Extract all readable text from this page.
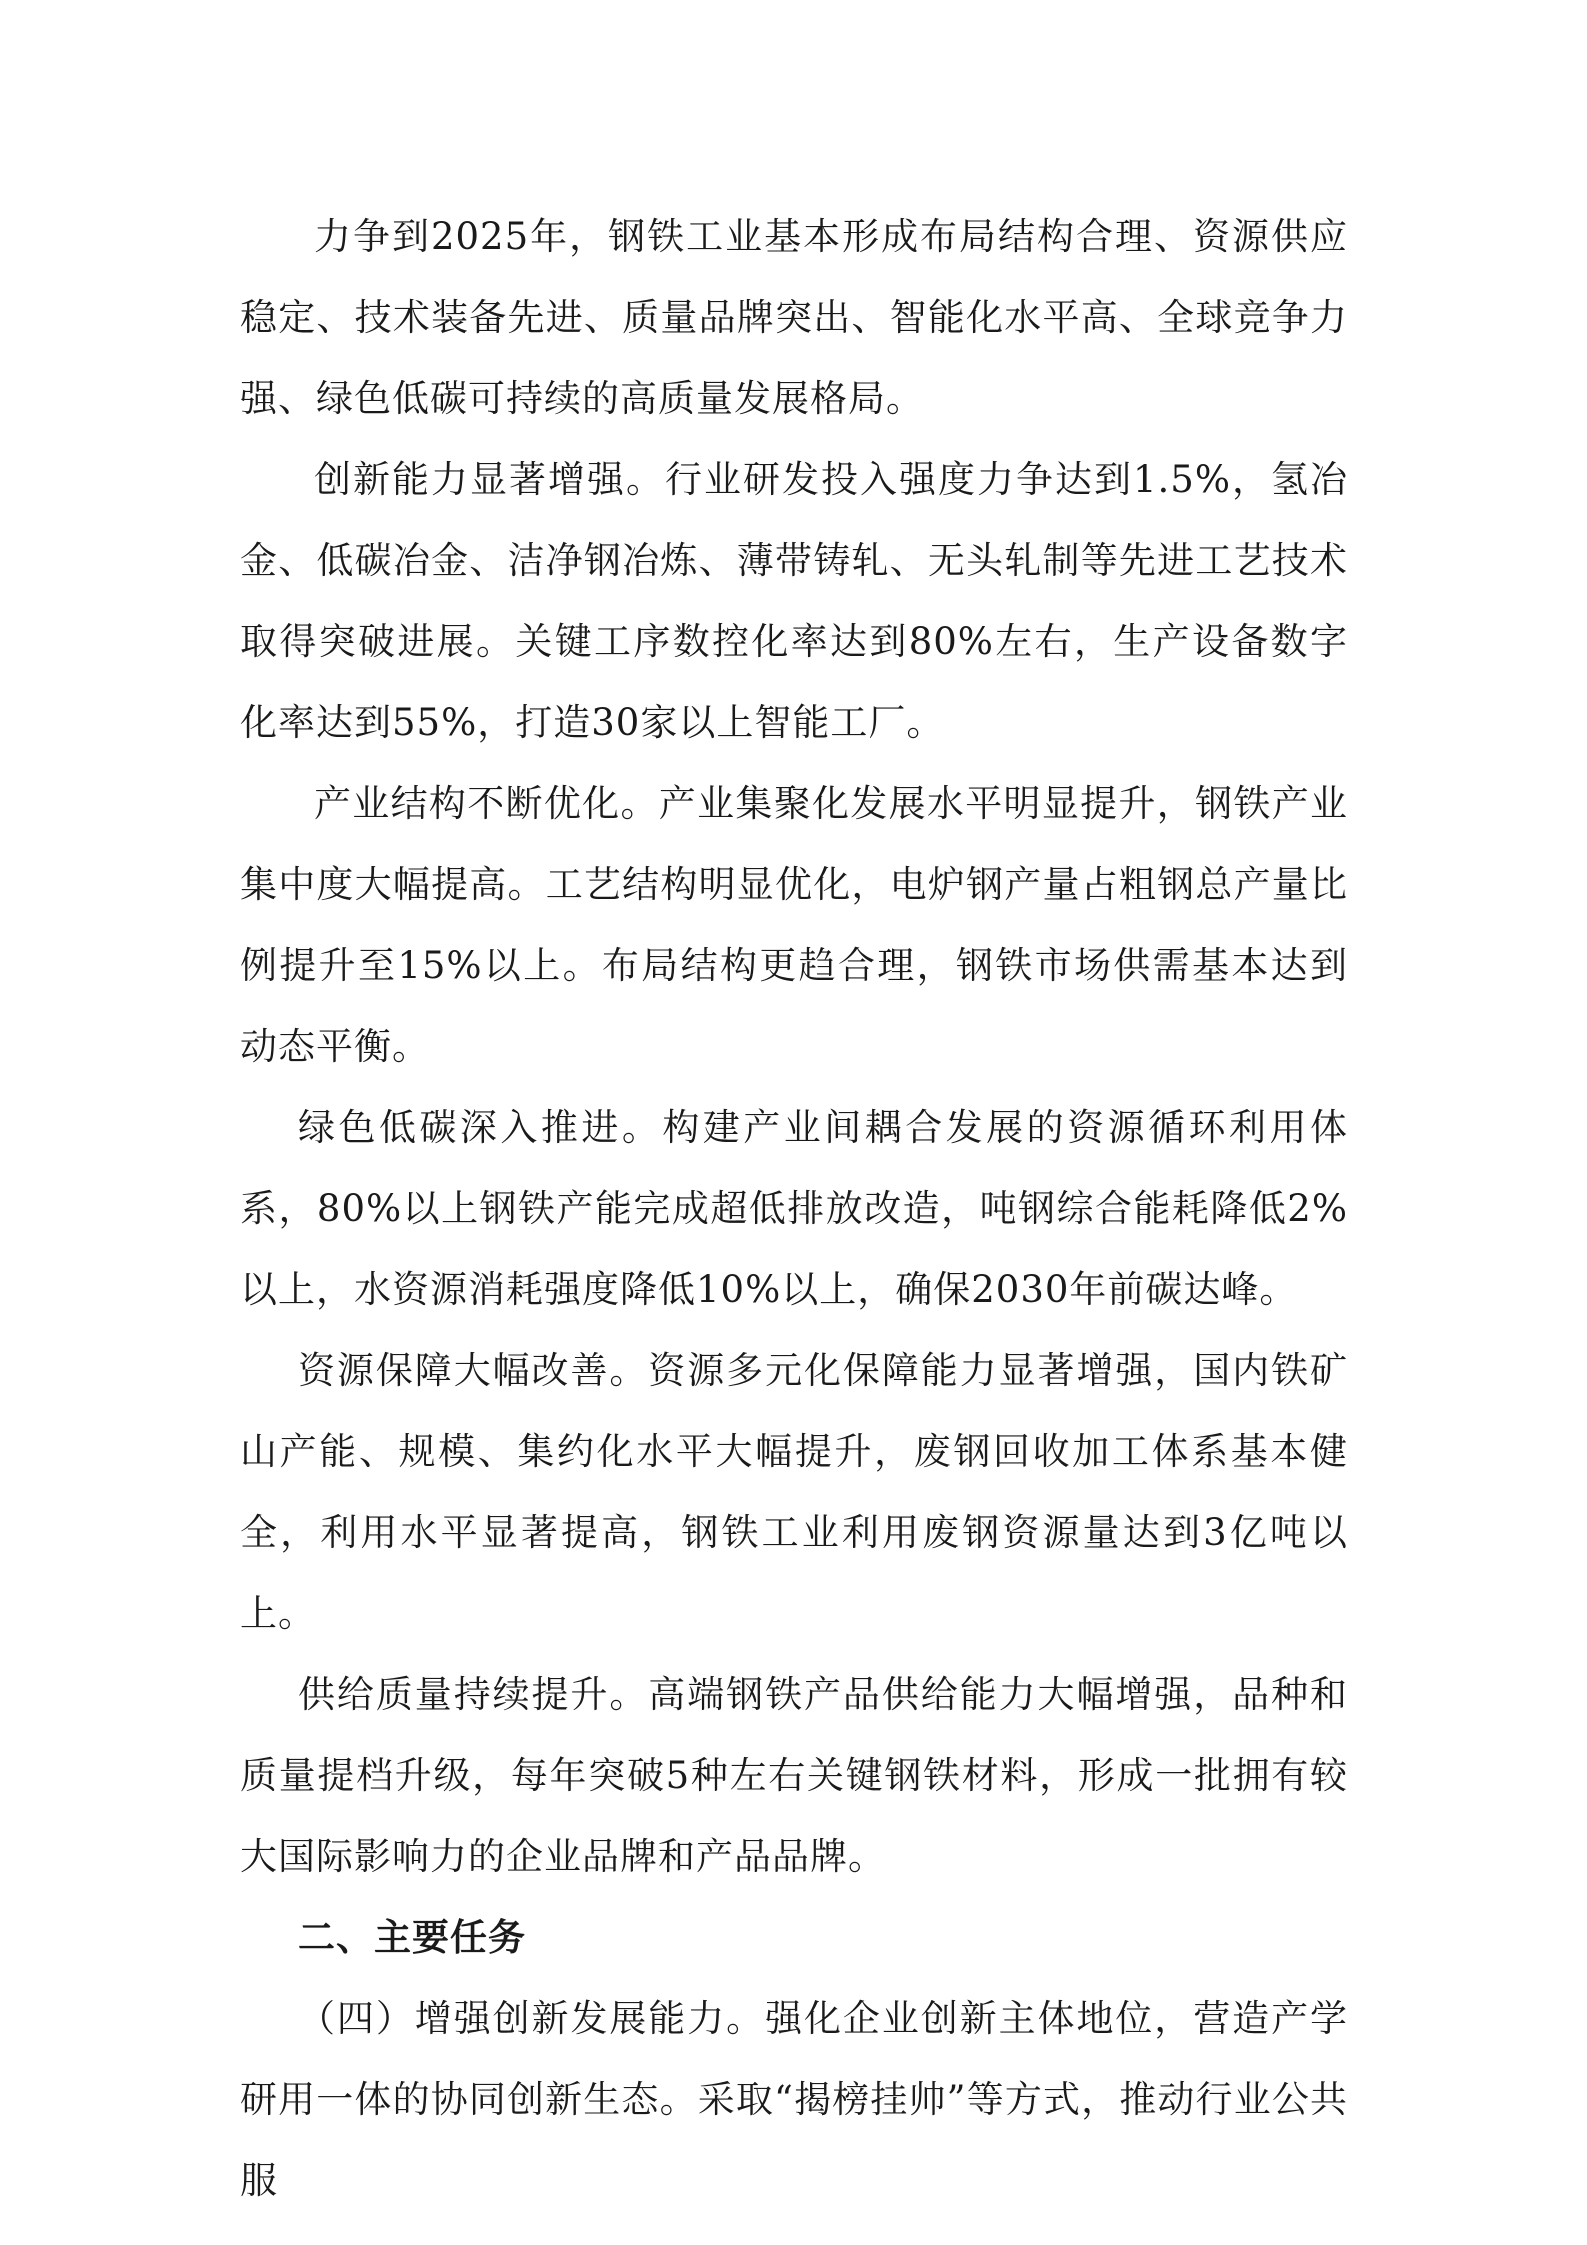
力争到2025年，钢铁工业基本形成布局结构合理、资源供应稳定、技术装备先进、质量品牌突出、智能化水平高、全球竞争力强、绿色低碳可持续的高质量发展格局。

创新能力显著增强。行业研发投入强度力争达到1.5%，氢冶金、低碳冶金、洁净钢冶炼、薄带铸轧、无头轧制等先进工艺技术取得突破进展。关键工序数控化率达到80%左右，生产设备数字化率达到55%，打造30家以上智能工厂。

产业结构不断优化。产业集聚化发展水平明显提升，钢铁产业集中度大幅提高。工艺结构明显优化，电炉钢产量占粗钢总产量比例提升至15%以上。布局结构更趋合理，钢铁市场供需基本达到动态平衡。

绿色低碳深入推进。构建产业间耦合发展的资源循环利用体系，80%以上钢铁产能完成超低排放改造，吨钢综合能耗降低2%以上，水资源消耗强度降低10%以上，确保2030年前碳达峰。

资源保障大幅改善。资源多元化保障能力显著增强，国内铁矿山产能、规模、集约化水平大幅提升，废钢回收加工体系基本健全，利用水平显著提高，钢铁工业利用废钢资源量达到3亿吨以上。

供给质量持续提升。高端钢铁产品供给能力大幅增强，品种和质量提档升级，每年突破5种左右关键钢铁材料，形成一批拥有较大国际影响力的企业品牌和产品品牌。

二、主要任务

（四）增强创新发展能力。强化企业创新主体地位，营造产学研用一体的协同创新生态。采取“揭榜挂帅”等方式，推动行业公共服
